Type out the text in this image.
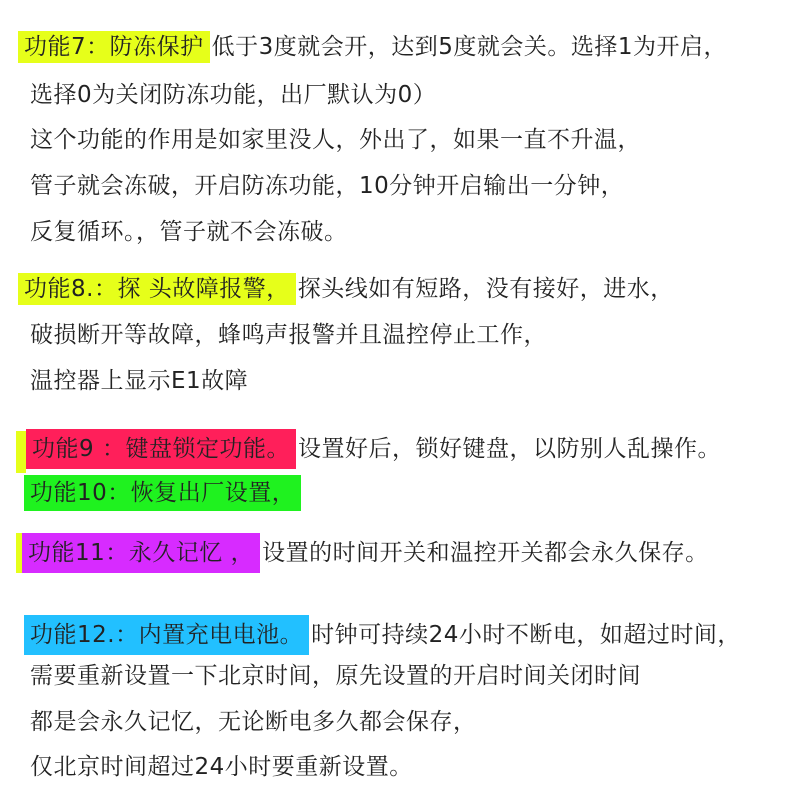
功能7：防冻保护 低于3度就会开，达到5度就会关。选择1为开启，
选择0为关闭防冻功能，出厂默认为0）
这个功能的作用是如家里没人，外出了，如果一直不升温，
管子就会冻破，开启防冻功能，10分钟开启输出一分钟，
反复循环。，管子就不会冻破。
功能8.：探 头故障报警， 探头线如有短路，没有接好，进水，
破损断开等故障，蜂鸣声报警并且温控停止工作，
温控器上显示E1故障
功能9 ：键盘锁定功能。 设置好后，锁好键盘，以防别人乱操作。
功能10：恢复出厂设置，
功能11：永久记忆 ， 设置的时间开关和温控开关都会永久保存。
功能12.：内置充电电池。 时钟可持续24小时不断电，如超过时间，
需要重新设置一下北京时间，原先设置的开启时间关闭时间
都是会永久记忆，无论断电多久都会保存，
仅北京时间超过24小时要重新设置。
